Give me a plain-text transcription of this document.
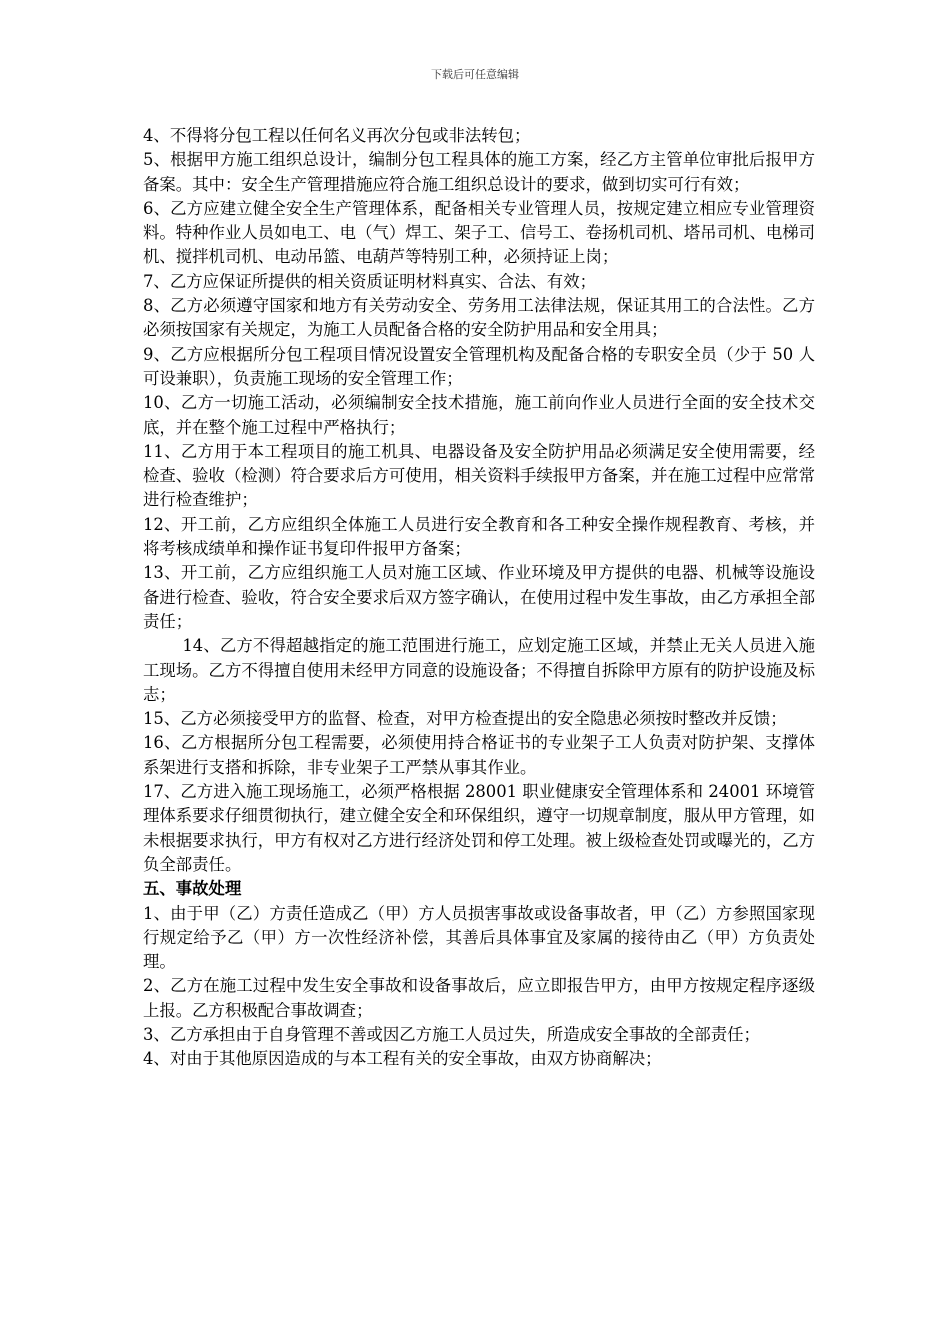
下载后可任意编辑

4、不得将分包工程以任何名义再次分包或非法转包；

5、根据甲方施工组织总设计，编制分包工程具体的施工方案，经乙方主管单位审批后报甲方备案。其中：安全生产管理措施应符合施工组织总设计的要求，做到切实可行有效；

6、乙方应建立健全安全生产管理体系，配备相关专业管理人员，按规定建立相应专业管理资料。特种作业人员如电工、电（气）焊工、架子工、信号工、卷扬机司机、塔吊司机、电梯司机、搅拌机司机、电动吊篮、电葫芦等特别工种，必须持证上岗；

7、乙方应保证所提供的相关资质证明材料真实、合法、有效；

8、乙方必须遵守国家和地方有关劳动安全、劳务用工法律法规，保证其用工的合法性。乙方必须按国家有关规定，为施工人员配备合格的安全防护用品和安全用具；

9、乙方应根据所分包工程项目情况设置安全管理机构及配备合格的专职安全员（少于 50 人可设兼职），负责施工现场的安全管理工作；

10、乙方一切施工活动，必须编制安全技术措施，施工前向作业人员进行全面的安全技术交底，并在整个施工过程中严格执行；

11、乙方用于本工程项目的施工机具、电器设备及安全防护用品必须满足安全使用需要，经检查、验收（检测）符合要求后方可使用，相关资料手续报甲方备案，并在施工过程中应常常进行检查维护；

12、开工前，乙方应组织全体施工人员进行安全教育和各工种安全操作规程教育、考核，并将考核成绩单和操作证书复印件报甲方备案；

13、开工前，乙方应组织施工人员对施工区域、作业环境及甲方提供的电器、机械等设施设备进行检查、验收，符合安全要求后双方签字确认，在使用过程中发生事故，由乙方承担全部责任；

14、乙方不得超越指定的施工范围进行施工，应划定施工区域，并禁止无关人员进入施工现场。乙方不得擅自使用未经甲方同意的设施设备；不得擅自拆除甲方原有的防护设施及标志；

15、乙方必须接受甲方的监督、检查，对甲方检查提出的安全隐患必须按时整改并反馈；

16、乙方根据所分包工程需要，必须使用持合格证书的专业架子工人负责对防护架、支撑体系架进行支搭和拆除，非专业架子工严禁从事其作业。

17、乙方进入施工现场施工，必须严格根据 28001 职业健康安全管理体系和 24001 环境管理体系要求仔细贯彻执行，建立健全安全和环保组织，遵守一切规章制度，服从甲方管理，如未根据要求执行，甲方有权对乙方进行经济处罚和停工处理。被上级检查处罚或曝光的，乙方负全部责任。

五、事故处理

1、由于甲（乙）方责任造成乙（甲）方人员损害事故或设备事故者，甲（乙）方参照国家现行规定给予乙（甲）方一次性经济补偿，其善后具体事宜及家属的接待由乙（甲）方负责处理。

2、乙方在施工过程中发生安全事故和设备事故后，应立即报告甲方，由甲方按规定程序逐级上报。乙方积极配合事故调查；

3、乙方承担由于自身管理不善或因乙方施工人员过失，所造成安全事故的全部责任；

4、对由于其他原因造成的与本工程有关的安全事故，由双方协商解决；
